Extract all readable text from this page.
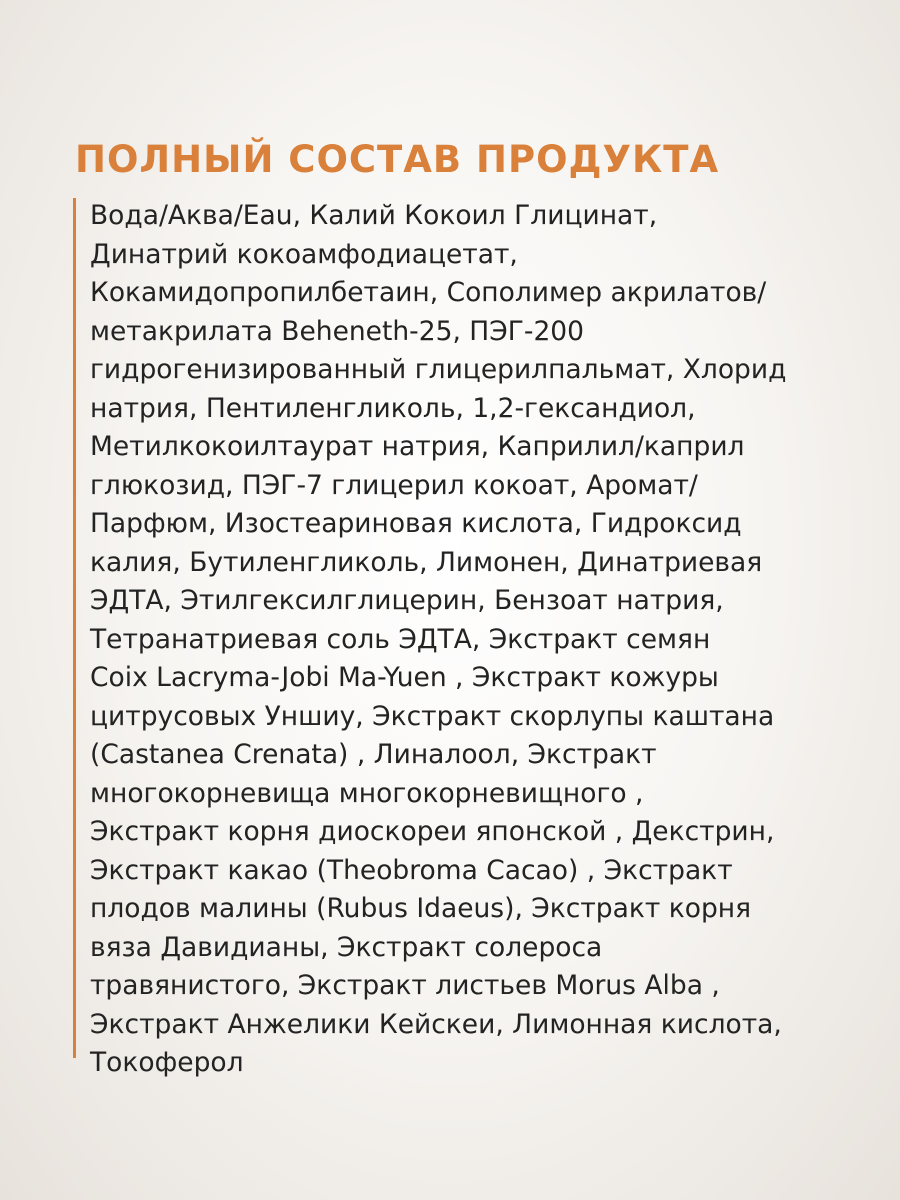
ПОЛНЫЙ СОСТАВ ПРОДУКТА
Вода/Аква/Eau, Калий Кокоил Глицинат,
Динатрий кокоамфодиацетат,
Кокамидопропилбетаин, Сополимер акрилатов/
метакрилата Beheneth-25, ПЭГ-200
гидрогенизированный глицерилпальмат, Хлорид
натрия, Пентиленгликоль, 1,2-гександиол,
Метилкокоилтаурат натрия, Каприлил/каприл
глюкозид, ПЭГ-7 глицерил кокоат, Аромат/
Парфюм, Изостеариновая кислота, Гидроксид
калия, Бутиленгликоль, Лимонен, Динатриевая
ЭДТА, Этилгексилглицерин, Бензоат натрия,
Тетранатриевая соль ЭДТА, Экстракт семян
Coix Lacryma-Jobi Ma-Yuen , Экстракт кожуры
цитрусовых Уншиу, Экстракт скорлупы каштана
(Castanea Crenata) , Линалоол, Экстракт
многокорневища многокорневищного ,
Экстракт корня диоскореи японской , Декстрин,
Экстракт какао (Theobroma Cacao) , Экстракт
плодов малины (Rubus Idaeus), Экстракт корня
вяза Давидианы, Экстракт солероса
травянистого, Экстракт листьев Morus Alba ,
Экстракт Анжелики Кейскеи, Лимонная кислота,
Токоферол
